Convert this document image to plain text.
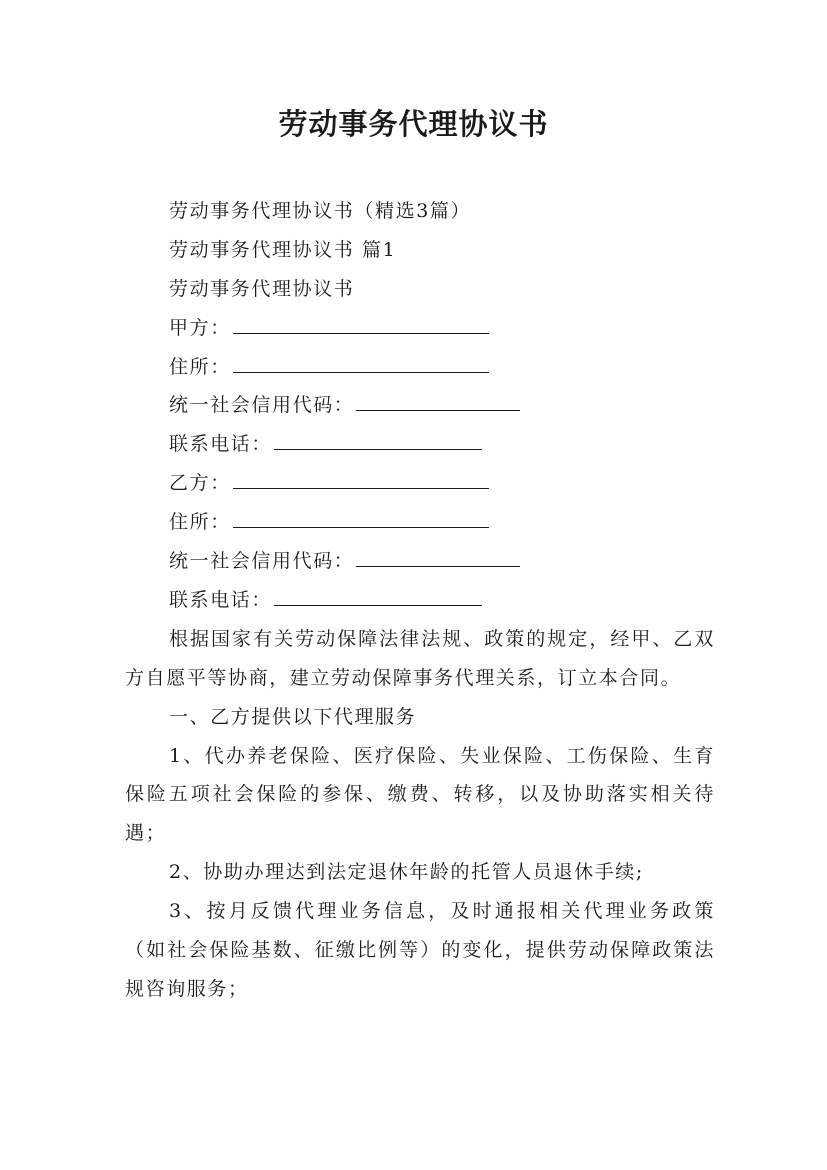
劳动事务代理协议书

劳动事务代理协议书（精选3篇）

劳动事务代理协议书 篇1

劳动事务代理协议书

甲方：

住所：

统一社会信用代码：

联系电话：

乙方：

住所：

统一社会信用代码：

联系电话：

根据国家有关劳动保障法律法规、政策的规定，经甲、乙双方自愿平等协商，建立劳动保障事务代理关系，订立本合同。

一、乙方提供以下代理服务

1、代办养老保险、医疗保险、失业保险、工伤保险、生育保险五项社会保险的参保、缴费、转移，以及协助落实相关待遇；

2、协助办理达到法定退休年龄的托管人员退休手续;

3、按月反馈代理业务信息，及时通报相关代理业务政策（如社会保险基数、征缴比例等）的变化，提供劳动保障政策法规咨询服务；
